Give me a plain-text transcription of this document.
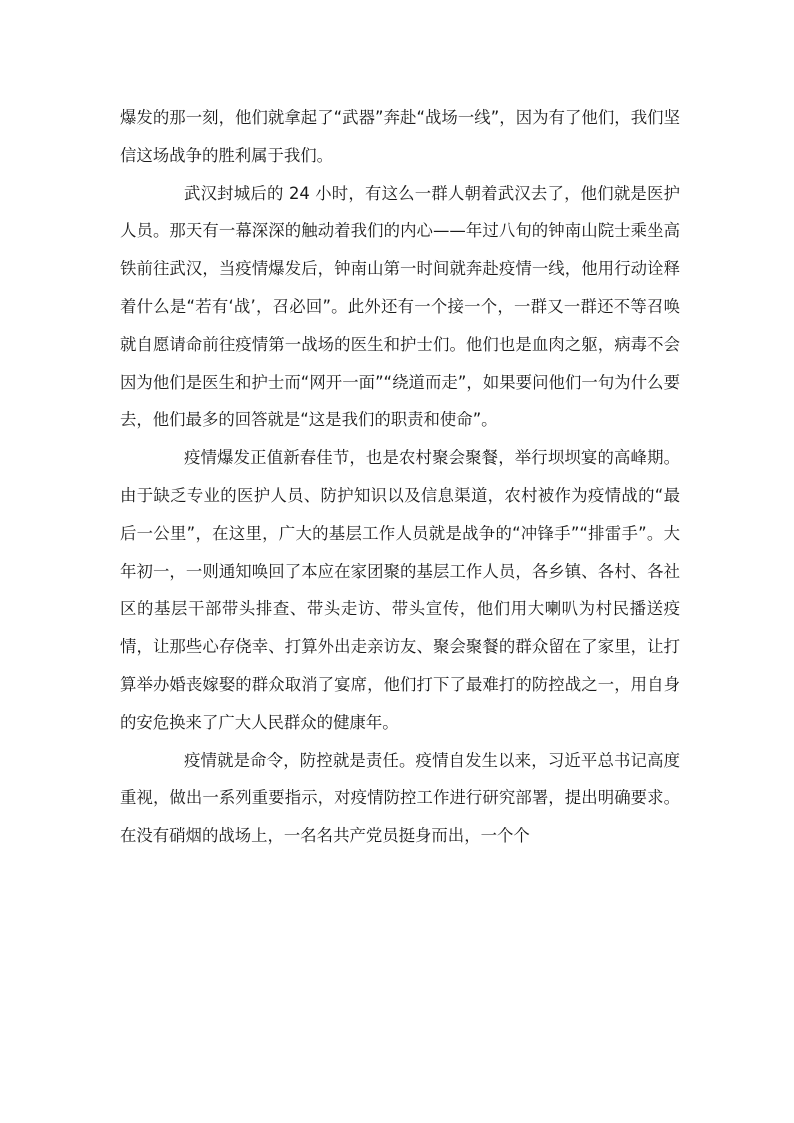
爆发的那一刻，他们就拿起了“武器”奔赴“战场一线”，因为有了他们，我们坚信这场战争的胜利属于我们。

武汉封城后的 24 小时，有这么一群人朝着武汉去了，他们就是医护人员。那天有一幕深深的触动着我们的内心——年过八旬的钟南山院士乘坐高铁前往武汉，当疫情爆发后，钟南山第一时间就奔赴疫情一线，他用行动诠释着什么是“若有‘战’，召必回”。此外还有一个接一个，一群又一群还不等召唤就自愿请命前往疫情第一战场的医生和护士们。他们也是血肉之躯，病毒不会因为他们是医生和护士而“网开一面”“绕道而走”，如果要问他们一句为什么要去，他们最多的回答就是“这是我们的职责和使命”。

疫情爆发正值新春佳节，也是农村聚会聚餐，举行坝坝宴的高峰期。由于缺乏专业的医护人员、防护知识以及信息渠道，农村被作为疫情战的“最后一公里”，在这里，广大的基层工作人员就是战争的“冲锋手”“排雷手”。大年初一，一则通知唤回了本应在家团聚的基层工作人员，各乡镇、各村、各社区的基层干部带头排查、带头走访、带头宣传，他们用大喇叭为村民播送疫情，让那些心存侥幸、打算外出走亲访友、聚会聚餐的群众留在了家里，让打算举办婚丧嫁娶的群众取消了宴席，他们打下了最难打的防控战之一，用自身的安危换来了广大人民群众的健康年。

疫情就是命令，防控就是责任。疫情自发生以来，习近平总书记高度重视，做出一系列重要指示，对疫情防控工作进行研究部署，提出明确要求。在没有硝烟的战场上，一名名共产党员挺身而出，一个个
